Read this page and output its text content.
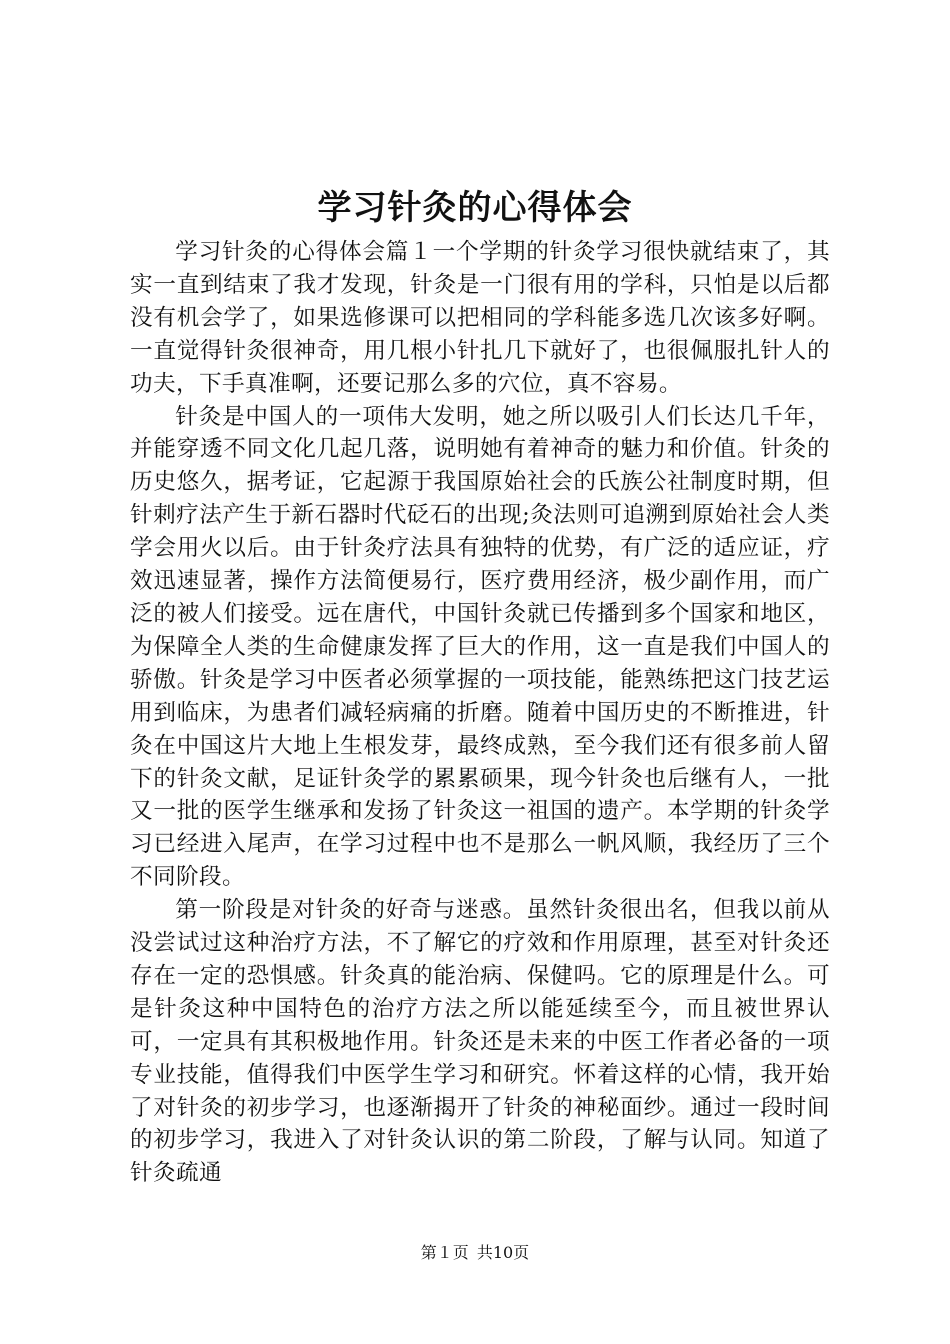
学习针灸的心得体会

学习针灸的心得体会篇１一个学期的针灸学习很快就结束了，其实一直到结束了我才发现，针灸是一门很有用的学科，只怕是以后都没有机会学了，如果选修课可以把相同的学科能多选几次该多好啊。一直觉得针灸很神奇，用几根小针扎几下就好了，也很佩服扎针人的功夫，下手真准啊，还要记那么多的穴位，真不容易。

针灸是中国人的一项伟大发明，她之所以吸引人们长达几千年，并能穿透不同文化几起几落，说明她有着神奇的魅力和价值。针灸的历史悠久，据考证，它起源于我国原始社会的氏族公社制度时期，但针刺疗法产生于新石器时代砭石的出现;灸法则可追溯到原始社会人类学会用火以后。由于针灸疗法具有独特的优势，有广泛的适应证，疗效迅速显著，操作方法简便易行，医疗费用经济，极少副作用，而广泛的被人们接受。远在唐代，中国针灸就已传播到多个国家和地区，为保障全人类的生命健康发挥了巨大的作用，这一直是我们中国人的骄傲。针灸是学习中医者必须掌握的一项技能，能熟练把这门技艺运用到临床，为患者们减轻病痛的折磨。随着中国历史的不断推进，针灸在中国这片大地上生根发芽，最终成熟，至今我们还有很多前人留下的针灸文献，足证针灸学的累累硕果，现今针灸也后继有人，一批又一批的医学生继承和发扬了针灸这一祖国的遗产。本学期的针灸学习已经进入尾声，在学习过程中也不是那么一帆风顺，我经历了三个不同阶段。

第一阶段是对针灸的好奇与迷惑。虽然针灸很出名，但我以前从没尝试过这种治疗方法，不了解它的疗效和作用原理，甚至对针灸还存在一定的恐惧感。针灸真的能治病、保健吗。它的原理是什么。可是针灸这种中国特色的治疗方法之所以能延续至今，而且被世界认可，一定具有其积极地作用。针灸还是未来的中医工作者必备的一项专业技能，值得我们中医学生学习和研究。怀着这样的心情，我开始了对针灸的初步学习，也逐渐揭开了针灸的神秘面纱。通过一段时间的初步学习，我进入了对针灸认识的第二阶段，了解与认同。知道了针灸疏通

第１页 共10页
